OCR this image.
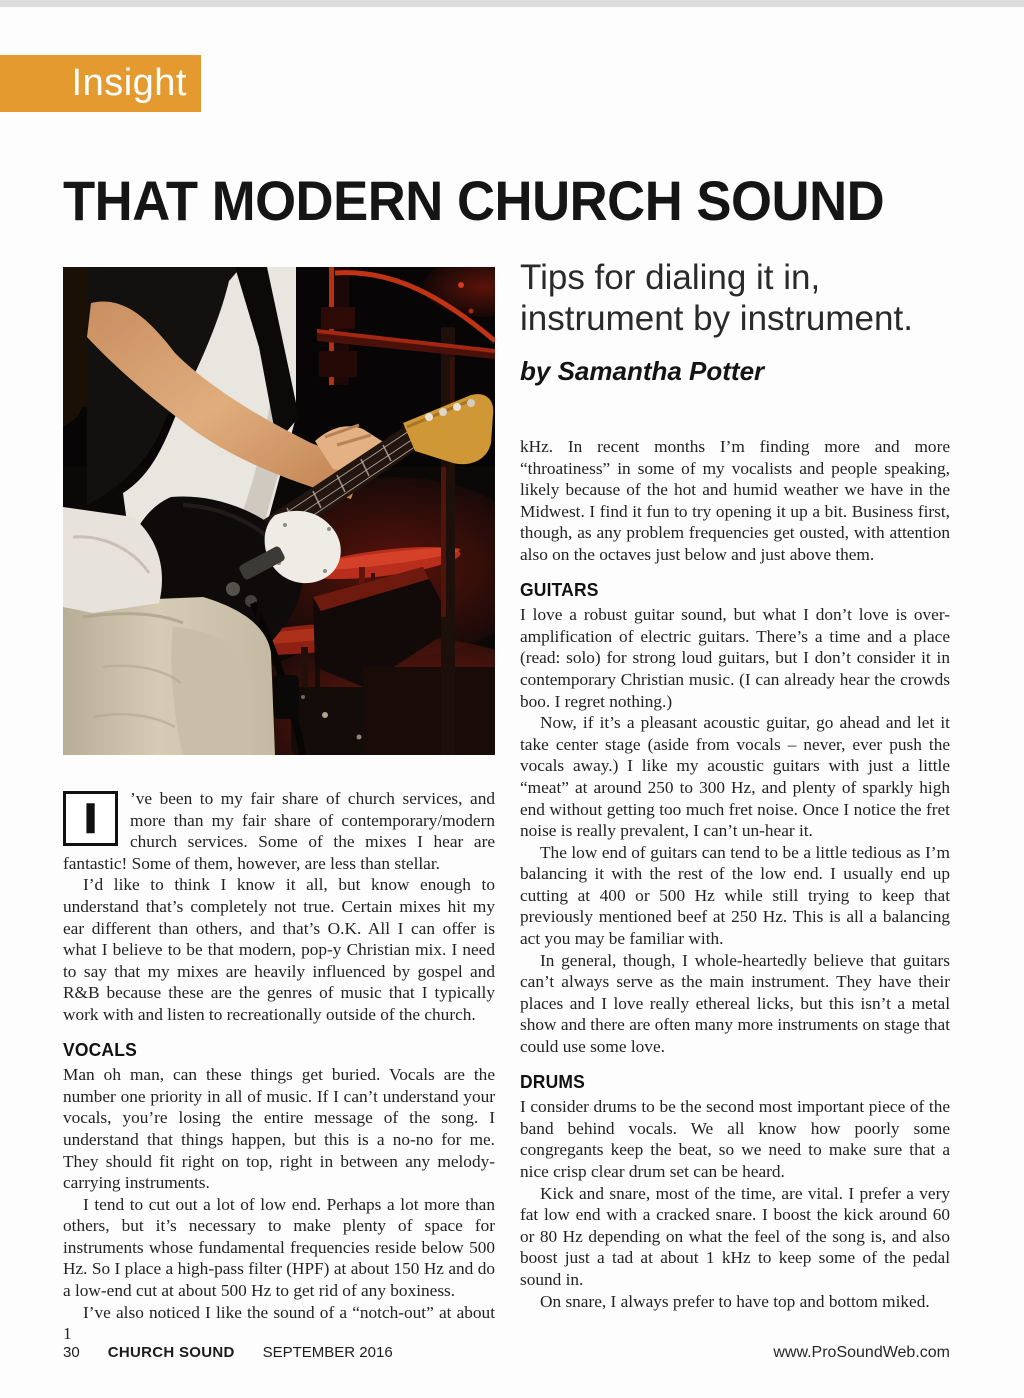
Insight
THAT MODERN CHURCH SOUND
Tips for dialing it in,
instrument by instrument.
by Samantha Potter

I ’ve been to my fair share of church services, and more than my fair share of contemporary/modern church services. Some of the mixes I hear are fantastic! Some of them, however, are less than stellar.

I’d like to think I know it all, but know enough to understand that’s completely not true. Certain mixes hit my ear different than others, and that’s O.K. All I can offer is what I believe to be that modern, pop-y Christian mix. I need to say that my mixes are heavily influenced by gospel and R&B because these are the genres of music that I typically work with and listen to recreationally outside of the church.

VOCALS

Man oh man, can these things get buried. Vocals are the number one priority in all of music. If I can’t understand your vocals, you’re losing the entire message of the song. I understand that things happen, but this is a no-no for me. They should fit right on top, right in between any melody-carrying instruments.

I tend to cut out a lot of low end. Perhaps a lot more than others, but it’s necessary to make plenty of space for instruments whose fundamental frequencies reside below 500 Hz. So I place a high-pass filter (HPF) at about 150 Hz and do a low-end cut at about 500 Hz to get rid of any boxiness.

I’ve also noticed I like the sound of a “notch-out” at about 1

kHz. In recent months I’m finding more and more “throatiness” in some of my vocalists and people speaking, likely because of the hot and humid weather we have in the Midwest. I find it fun to try opening it up a bit. Business first, though, as any problem frequencies get ousted, with attention also on the octaves just below and just above them.

GUITARS

I love a robust guitar sound, but what I don’t love is over-amplification of electric guitars. There’s a time and a place (read: solo) for strong loud guitars, but I don’t consider it in contemporary Christian music. (I can already hear the crowds boo. I regret nothing.)

Now, if it’s a pleasant acoustic guitar, go ahead and let it take center stage (aside from vocals – never, ever push the vocals away.) I like my acoustic guitars with just a little “meat” at around 250 to 300 Hz, and plenty of sparkly high end without getting too much fret noise. Once I notice the fret noise is really prevalent, I can’t un-hear it.

The low end of guitars can tend to be a little tedious as I’m balancing it with the rest of the low end. I usually end up cutting at 400 or 500 Hz while still trying to keep that previously mentioned beef at 250 Hz. This is all a balancing act you may be familiar with.

In general, though, I whole-heartedly believe that guitars can’t always serve as the main instrument. They have their places and I love really ethereal licks, but this isn’t a metal show and there are often many more instruments on stage that could use some love.

DRUMS

I consider drums to be the second most important piece of the band behind vocals. We all know how poorly some congregants keep the beat, so we need to make sure that a nice crisp clear drum set can be heard.

Kick and snare, most of the time, are vital. I prefer a very fat low end with a cracked snare. I boost the kick around 60 or 80 Hz depending on what the feel of the song is, and also boost just a tad at about 1 kHz to keep some of the pedal sound in.

On snare, I always prefer to have top and bottom miked.

30 CHURCH SOUND SEPTEMBER 2016	www.ProSoundWeb.com
